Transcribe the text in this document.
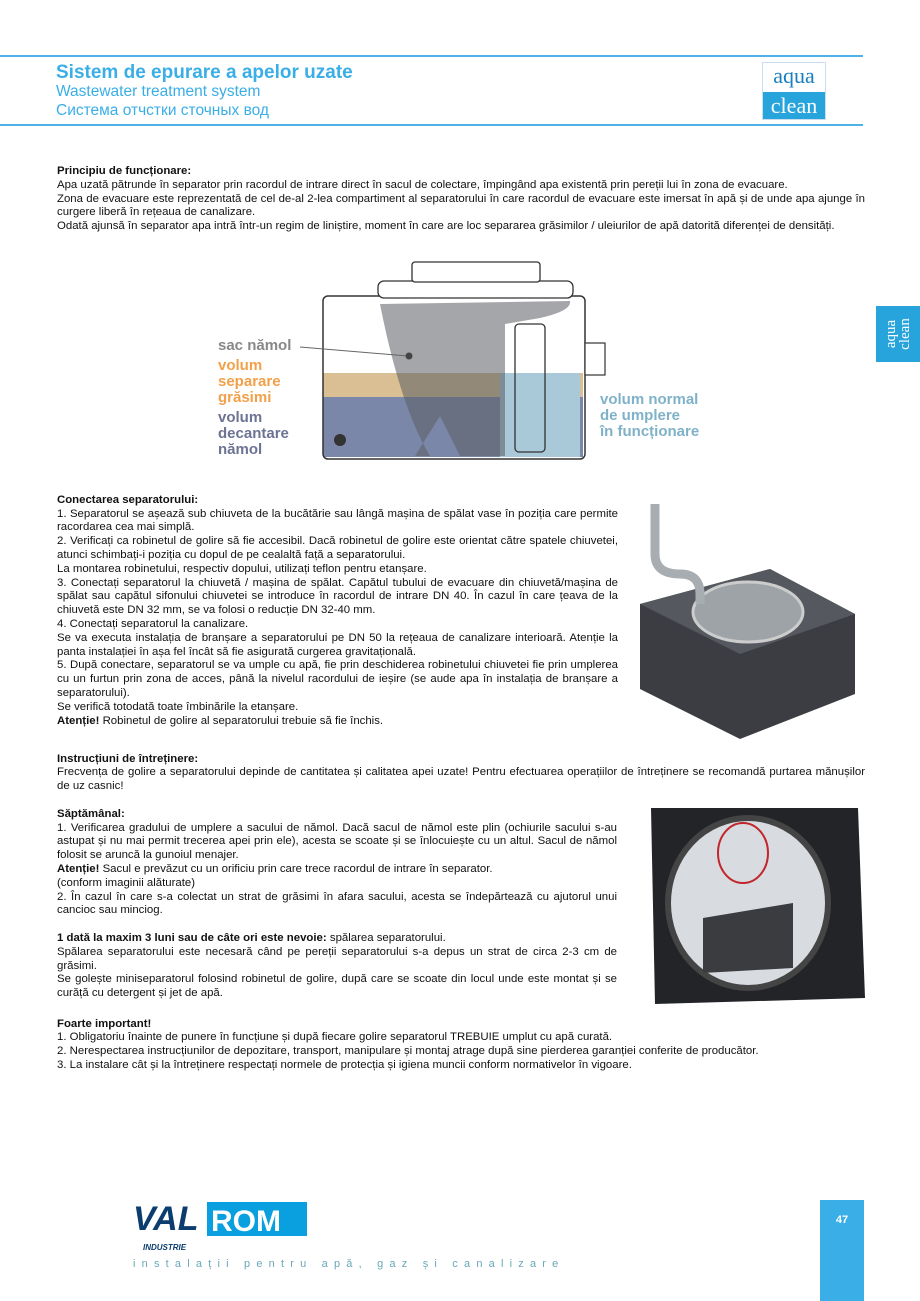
Sistem de epurare a apelor uzate
Wastewater treatment system
Система отчстки сточных вод
aqua
clean
aqua
clean

Principiu de funcționare:

Apa uzată pătrunde în separator prin racordul de intrare direct în sacul de colectare, împingând apa existentă prin pereții lui în zona de evacuare.

Zona de evacuare este reprezentată de cel de-al 2-lea compartiment al separatorului în care racordul de evacuare este imersat în apă și de unde apa ajunge în curgere liberă în rețeaua de canalizare.

Odată ajunsă în separator apa intră într-un regim de liniștire, moment în care are loc separarea grăsimilor / uleiurilor de apă datorită diferenței de densități.

sac nămol
volum
separare
grăsimi
volum
decantare
nămol
volum normal
de umplere
în funcționare

Conectarea separatorului:

1. Separatorul se așează sub chiuveta de la bucătărie sau lângă mașina de spălat vase în poziția care permite racordarea cea mai simplă.

2. Verificați ca robinetul de golire să fie accesibil. Dacă robinetul de golire este orientat către spatele chiuvetei, atunci schimbați-i poziția cu dopul de pe cealaltă față a separatorului.

La montarea robinetului, respectiv dopului, utilizați teflon pentru etanșare.

3. Conectați separatorul la chiuvetă / mașina de spălat. Capătul tubului de evacuare din chiuvetă/mașina de spălat sau capătul sifonului chiuvetei se introduce în racordul de intrare DN 40. În cazul în care țeava de la chiuvetă este DN 32 mm, se va folosi o reducție DN 32-40 mm.

4. Conectați separatorul la canalizare.

Se va executa instalația de branșare a separatorului pe DN 50 la rețeaua de canalizare interioară. Atenție la panta instalației în așa fel încât să fie asigurată curgerea gravitațională.

5. După conectare, separatorul se va umple cu apă, fie prin deschiderea robinetului chiuvetei fie prin umplerea cu un furtun prin zona de acces, până la nivelul racordului de ieșire (se aude apa în instalația de branșare a separatorului).

Se verifică totodată toate îmbinările la etanșare.

Atenție! Robinetul de golire al separatorului trebuie să fie închis.

Instrucțiuni de întreținere:

Frecvența de golire a separatorului depinde de cantitatea și calitatea apei uzate! Pentru efectuarea operațiilor de întreținere se recomandă purtarea mănușilor de uz casnic!

Săptămânal:

1. Verificarea gradului de umplere a sacului de nămol. Dacă sacul de nămol este plin (ochiurile sacului s-au astupat și nu mai permit trecerea apei prin ele), acesta se scoate și se înlocuiește cu un altul. Sacul de nămol folosit se aruncă la gunoiul menajer.

Atenție! Sacul e prevăzut cu un orificiu prin care trece racordul de intrare în separator.

(conform imaginii alăturate)

2. În cazul în care s-a colectat un strat de grăsimi în afara sacului, acesta se îndepărtează cu ajutorul unui cancioc sau minciog.

1 dată la maxim 3 luni sau de câte ori este nevoie: spălarea separatorului.

Spălarea separatorului este necesară când pe pereții separatorului s-a depus un strat de circa 2-3 cm de grăsimi.

Se golește miniseparatorul folosind robinetul de golire, după care se scoate din locul unde este montat și se curăță cu detergent și jet de apă.

Foarte important!

1. Obligatoriu înainte de punere în funcțiune și după fiecare golire separatorul TREBUIE umplut cu apă curată.

2. Nerespectarea instrucțiunilor de depozitare, transport, manipulare și montaj atrage după sine pierderea garanției conferite de producător.

3. La instalare cât și la întreținere respectați normele de protecția și igiena muncii conform normativelor în vigoare.

VAL ROM
INDUSTRIE
instalații pentru apă, gaz și canalizare
47
